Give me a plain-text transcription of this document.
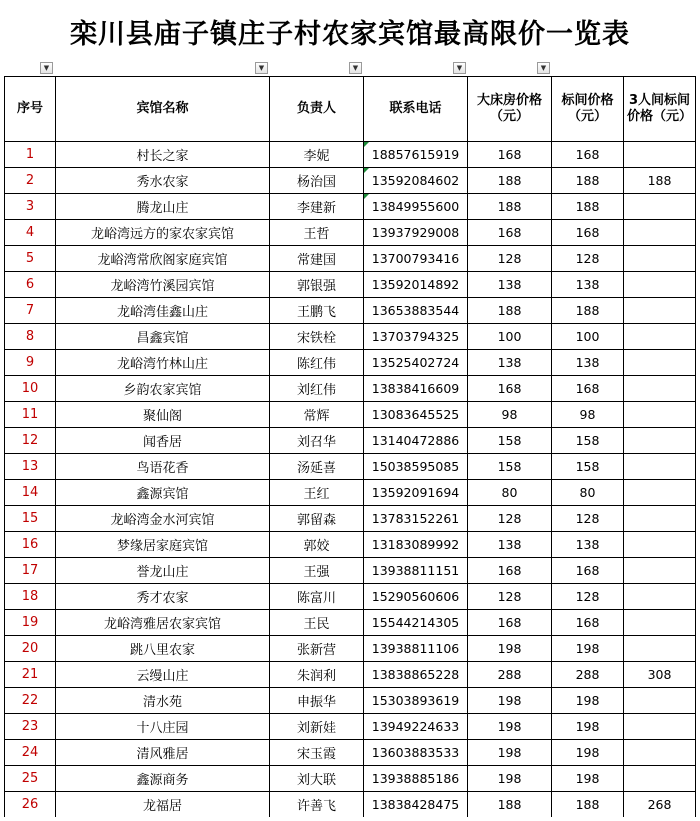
栾川县庙子镇庄子村农家宾馆最高限价一览表
▼	▼	▼	▼	▼
序号	宾馆名称	负责人	联系电话	大床房价格（元）	标间价格（元）	3人间标间价格（元）
1	村长之家	李妮	18857615919	168	168	
2	秀水农家	杨治国	13592084602	188	188	188
3	腾龙山庄	李建新	13849955600	188	188	
4	龙峪湾远方的家农家宾馆	王哲	13937929008	168	168	
5	龙峪湾常欣阁家庭宾馆	常建国	13700793416	128	128	
6	龙峪湾竹溪园宾馆	郭银强	13592014892	138	138	
7	龙峪湾佳鑫山庄	王鹏飞	13653883544	188	188	
8	昌鑫宾馆	宋铁栓	13703794325	100	100	
9	龙峪湾竹林山庄	陈红伟	13525402724	138	138	
10	乡韵农家宾馆	刘红伟	13838416609	168	168	
11	聚仙阁	常辉	13083645525	98	98	
12	闻香居	刘召华	13140472886	158	158	
13	鸟语花香	汤延喜	15038595085	158	158	
14	鑫源宾馆	王红	13592091694	80	80	
15	龙峪湾金水河宾馆	郭留森	13783152261	128	128	
16	梦缘居家庭宾馆	郭姣	13183089992	138	138	
17	誉龙山庄	王强	13938811151	168	168	
18	秀才农家	陈富川	15290560606	128	128	
19	龙峪湾雅居农家宾馆	王民	15544214305	168	168	
20	跳八里农家	张新营	13938811106	198	198	
21	云缦山庄	朱润利	13838865228	288	288	308
22	清水苑	申振华	15303893619	198	198	
23	十八庄园	刘新娃	13949224633	198	198	
24	清风雅居	宋玉霞	13603883533	198	198	
25	鑫源商务	刘大联	13938885186	198	198	
26	龙福居	许善飞	13838428475	188	188	268
